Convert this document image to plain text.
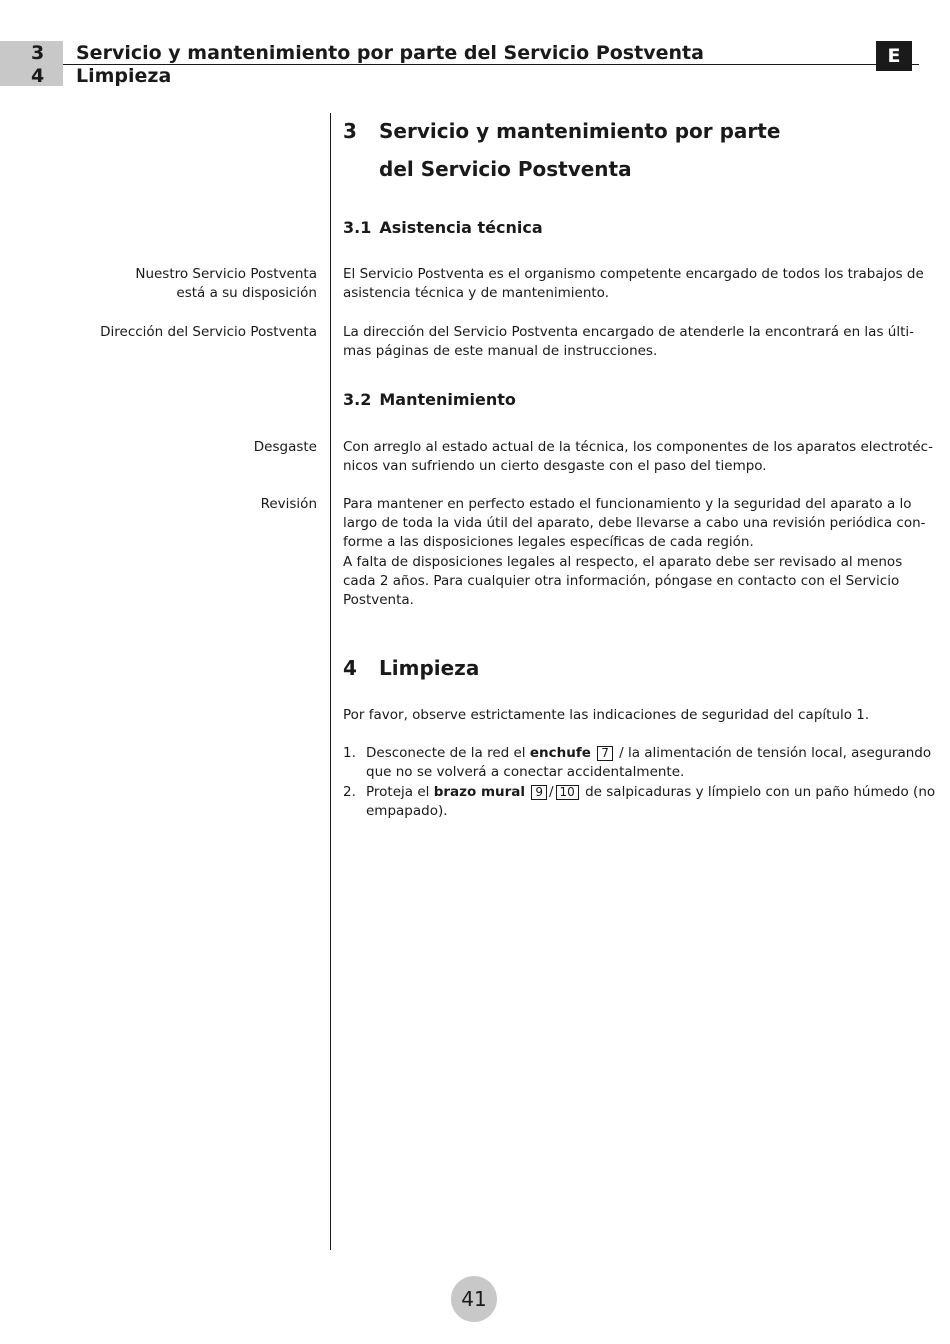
3
4
Servicio y mantenimiento por parte del Servicio Postventa
Limpieza
E
3 Servicio y mantenimiento por parte
del Servicio Postventa
3.1 Asistencia técnica
Nuestro Servicio Postventa
está a su disposición

El Servicio Postventa es el organismo competente encargado de todos los trabajos de

asistencia técnica y de mantenimiento.

Dirección del Servicio Postventa La dirección del Servicio Postventa encargado de atenderle la encontrará en las últi-

mas páginas de este manual de instrucciones.

3.2 Mantenimiento
Desgaste Con arreglo al estado actual de la técnica, los componentes de los aparatos electrotéc-

nicos van sufriendo un cierto desgaste con el paso del tiempo.

Revisión Para mantener en perfecto estado el funcionamiento y la seguridad del aparato a lo

largo de toda la vida útil del aparato, debe llevarse a cabo una revisión periódica con-

forme a las disposiciones legales específicas de cada región.

A falta de disposiciones legales al respecto, el aparato debe ser revisado al menos

cada 2 años. Para cualquier otra información, póngase en contacto con el Servicio

Postventa.

4 Limpieza

Por favor, observe estrictamente las indicaciones de seguridad del capítulo 1.

1. Desconecte de la red el enchufe 7 / la alimentación de tensión local, asegurando
que no se volverá a conectar accidentalmente.
2. Proteja el brazo mural 9 / 10 de salpicaduras y límpielo con un paño húmedo (no
empapado).
41
